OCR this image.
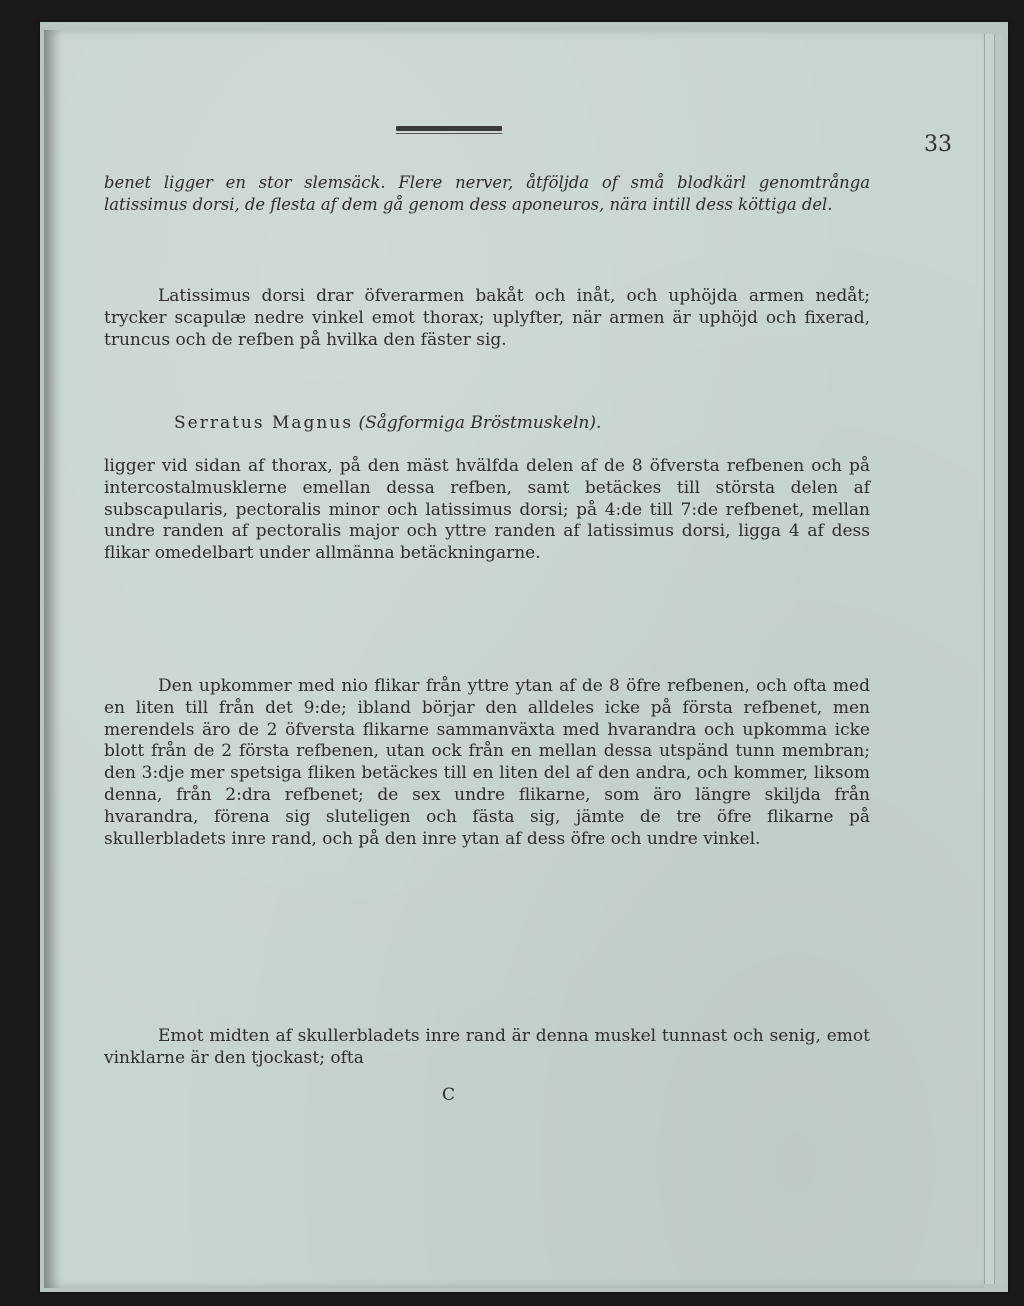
33

benet ligger en stor slemsäck. Flere nerver, åtföljda of små blodkärl genomtrånga latissimus dorsi, de flesta af dem gå genom dess aponeuros, nära intill dess köttiga del.

Latissimus dorsi drar öfverarmen bakåt och inåt, och uphöjda armen nedåt; trycker scapulæ nedre vinkel emot thorax; uplyfter, när armen är uphöjd och fixerad, truncus och de refben på hvilka den fäster sig.

Serratus Magnus (Sågformiga Bröstmuskeln).

ligger vid sidan af thorax, på den mäst hvälfda delen af de 8 öfversta refbenen och på intercostalmusklerne emellan dessa refben, samt betäckes till största delen af subscapularis, pectoralis minor och latissimus dorsi; på 4:de till 7:de refbenet, mellan undre randen af pectoralis major och yttre randen af latissimus dorsi, ligga 4 af dess flikar omedelbart under allmänna betäckningarne.

Den upkommer med nio flikar från yttre ytan af de 8 öfre refbenen, och ofta med en liten till från det 9:de; ibland börjar den alldeles icke på första refbenet, men merendels äro de 2 öfversta flikarne sammanväxta med hvarandra och upkomma icke blott från de 2 första refbenen, utan ock från en mellan dessa utspänd tunn membran; den 3:dje mer spetsiga fliken betäckes till en liten del af den andra, och kommer, liksom denna, från 2:dra refbenet; de sex undre flikarne, som äro längre skiljda från hvarandra, förena sig sluteligen och fästa sig, jämte de tre öfre flikarne på skullerbladets inre rand, och på den inre ytan af dess öfre och undre vinkel.

Emot midten af skullerbladets inre rand är denna muskel tunnast och senig, emot vinklarne är den tjockast; ofta

C
